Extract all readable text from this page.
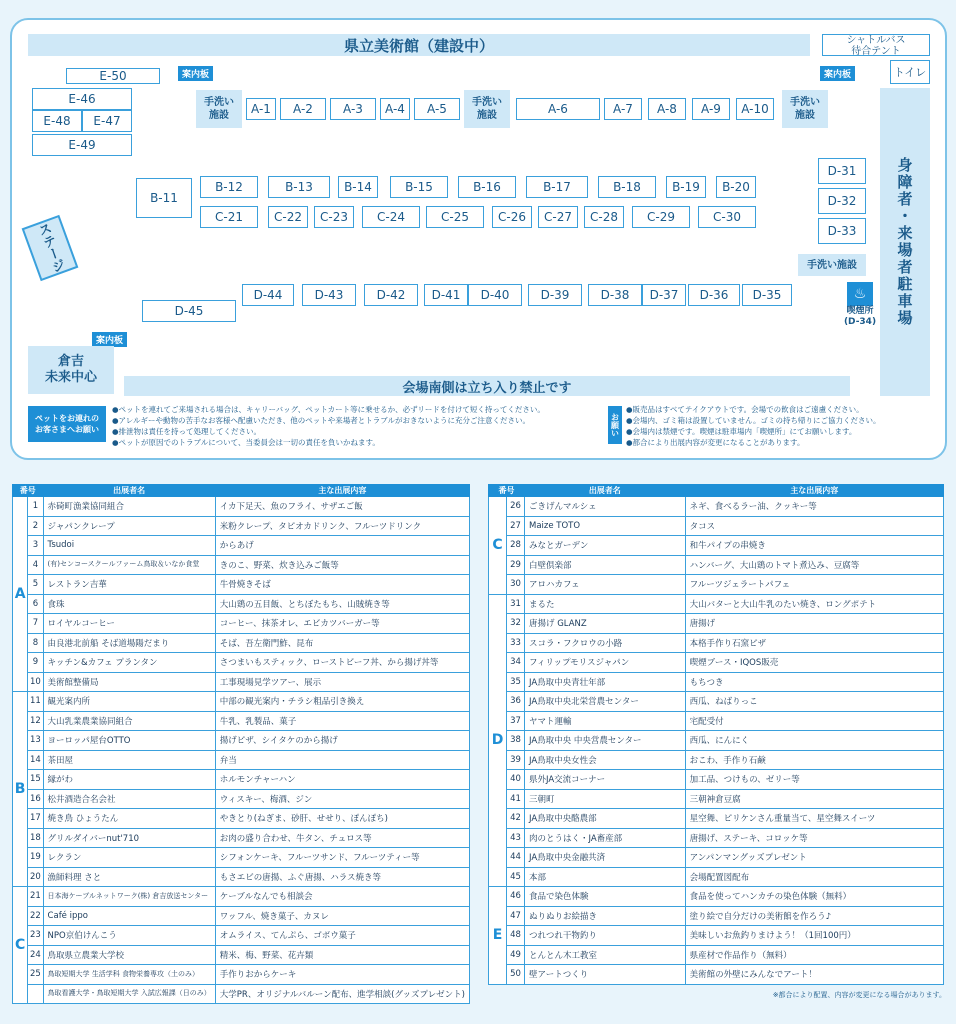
県立美術館（建設中）	シャトルバス
待合テント
トイレ
案内板	案内板
案内板
E-50
E-46
E-48	E-47
E-49
手洗い
施設
手洗い
施設
手洗い
施設
手洗い施設
A-1	A-2	A-3	A-4	A-5	A-6	A-7	A-8	A-9	A-10
B-11
B-12	B-13	B-14	B-15	B-16	B-17	B-18	B-19	B-20
C-21	C-22	C-23	C-24	C-25	C-26	C-27	C-28	C-29	C-30
D-31
D-32
D-33
D-44	D-43	D-42	D-41	D-40	D-39	D-38	D-37	D-36	D-35
D-45
ステージ	身障者・来場者駐車場
♨
喫煙所
(D-34)
倉吉
未来中心
会場南側は立ち入り禁止です
ペットをお連れの
お客さまへお願い
●ペットを連れてご来場される場合は、キャリーバッグ、ペットカート等に乗せるか、必ずリードを付けて短く持ってください。
●アレルギーや動物の苦手なお客様へ配慮いただき、他のペットや来場者とトラブルがおきないように充分ご注意ください。
●排泄物は責任を持って処理してください。
●ペットが原因でのトラブルについて、当委員会は一切の責任を負いかねます。
お願い
●販売品はすべてテイクアウトです。会場での飲食はご遠慮ください。
●会場内、ゴミ箱は設置していません。ゴミの持ち帰りにご協力ください。
●会場内は禁煙です。喫煙は駐車場内「喫煙所」にてお願いします。
●都合により出展内容が変更になることがあります。
番号		出展者名	主な出展内容
A	1	赤碕町漁業協同組合	イカ下足天、魚のフライ、サザエご飯
	2	ジャパンクレープ	米粉クレープ、タピオカドリンク、フルーツドリンク
	3	Tsudoi	からあげ
	4	(有)センコースクールファーム鳥取＆いなか食堂	きのこ、野菜、炊き込みご飯等
	5	レストラン吉華	牛骨焼きそば
	6	食珠	大山鶏の五目飯、とちぼたもち、山賊焼き等
	7	ロイヤルコーヒー	コーヒー、抹茶オレ、エビカツバーガー等
	8	由良港北前船 そば道場陽だまり	そば、吾左衛門鮓、昆布
	9	キッチン&カフェ プランタン	さつまいもスティック、ローストビーフ丼、から揚げ丼等
	10	美術館整備局	工事現場見学ツアー、展示
B	11	観光案内所	中部の観光案内・チラシ粗品引き換え
	12	大山乳業農業協同組合	牛乳、乳製品、菓子
	13	ヨーロッパ屋台OTTO	揚げピザ、シイタケのから揚げ
	14	茶田屋	弁当
	15	縁がわ	ホルモンチャーハン
	16	松井酒造合名会社	ウィスキー、梅酒、ジン
	17	焼き鳥 ひょうたん	やきとり(ねぎま、砂肝、せせり、ぽんぽち)
	18	グリルダイバーnut'710	お肉の盛り合わせ、牛タン、チュロス等
	19	レクラン	シフォンケーキ、フルーツサンド、フルーツティー等
	20	漁師料理 さと	もさエビの唐揚、ふぐ唐揚、ハラス焼き等
C	21	日本海ケーブルネットワーク(株) 倉吉放送センター	ケーブルなんでも相談会
	22	Café ippo	ワッフル、焼き菓子、カヌレ
	23	NPO京伯けんこう	オムライス、てんぷら、ゴボウ菓子
	24	鳥取県立農業大学校	精米、梅、野菜、花卉類
	25	鳥取短期大学 生活学科 食物栄養専攻（土のみ）	手作りおからケーキ
		鳥取看護大学・鳥取短期大学 入試広報課（日のみ）	大学PR、オリジナルバルーン配布、進学相談(グッズプレゼント)
番号		出展者名	主な出展内容
C	26	ごきげんマルシェ	ネギ、食べるラー油、クッキー等
	27	Maize TOTO	タコス
	28	みなとガーデン	和牛パイプの串焼き
	29	白壁倶楽部	ハンバーグ、大山鶏のトマト煮込み、豆腐等
	30	アロハカフェ	フルーツジェラートパフェ
D	31	まるた	大山バターと大山牛乳のたい焼き、ロングポテト
	32	唐揚げ GLANZ	唐揚げ
	33	スコラ・フクロウの小路	本格手作り石窯ピザ
	34	フィリップモリスジャパン	喫煙ブース・IQOS販売
	35	JA鳥取中央青壮年部	もちつき
	36	JA鳥取中央北栄営農センター	西瓜、ねばりっこ
	37	ヤマト運輸	宅配受付
	38	JA鳥取中央 中央営農センター	西瓜、にんにく
	39	JA鳥取中央女性会	おこわ、手作り石鹸
	40	県外JA交流コーナー	加工品、つけもの、ゼリー等
	41	三朝町	三朝神倉豆腐
	42	JA鳥取中央酪農部	星空舞、ピリケンさん重量当て、星空舞スイーツ
	43	肉のとうはく・JA畜産部	唐揚げ、ステーキ、コロッケ等
	44	JA鳥取中央金融共済	アンパンマングッズプレゼント
	45	本部	会場配置図配布
E	46	食品で染色体験	食品を使ってハンカチの染色体験（無料）
	47	ぬりぬりお絵描き	塗り絵で自分だけの美術館を作ろう♪
	48	つれつれ干物釣り	美味しいお魚釣りまけよう！（1回100円）
	49	とんとん木工教室	県産材で作品作り（無料）
	50	壁アートつくり	美術館の外壁にみんなでアート！
※都合により配置、内容が変更になる場合があります。
